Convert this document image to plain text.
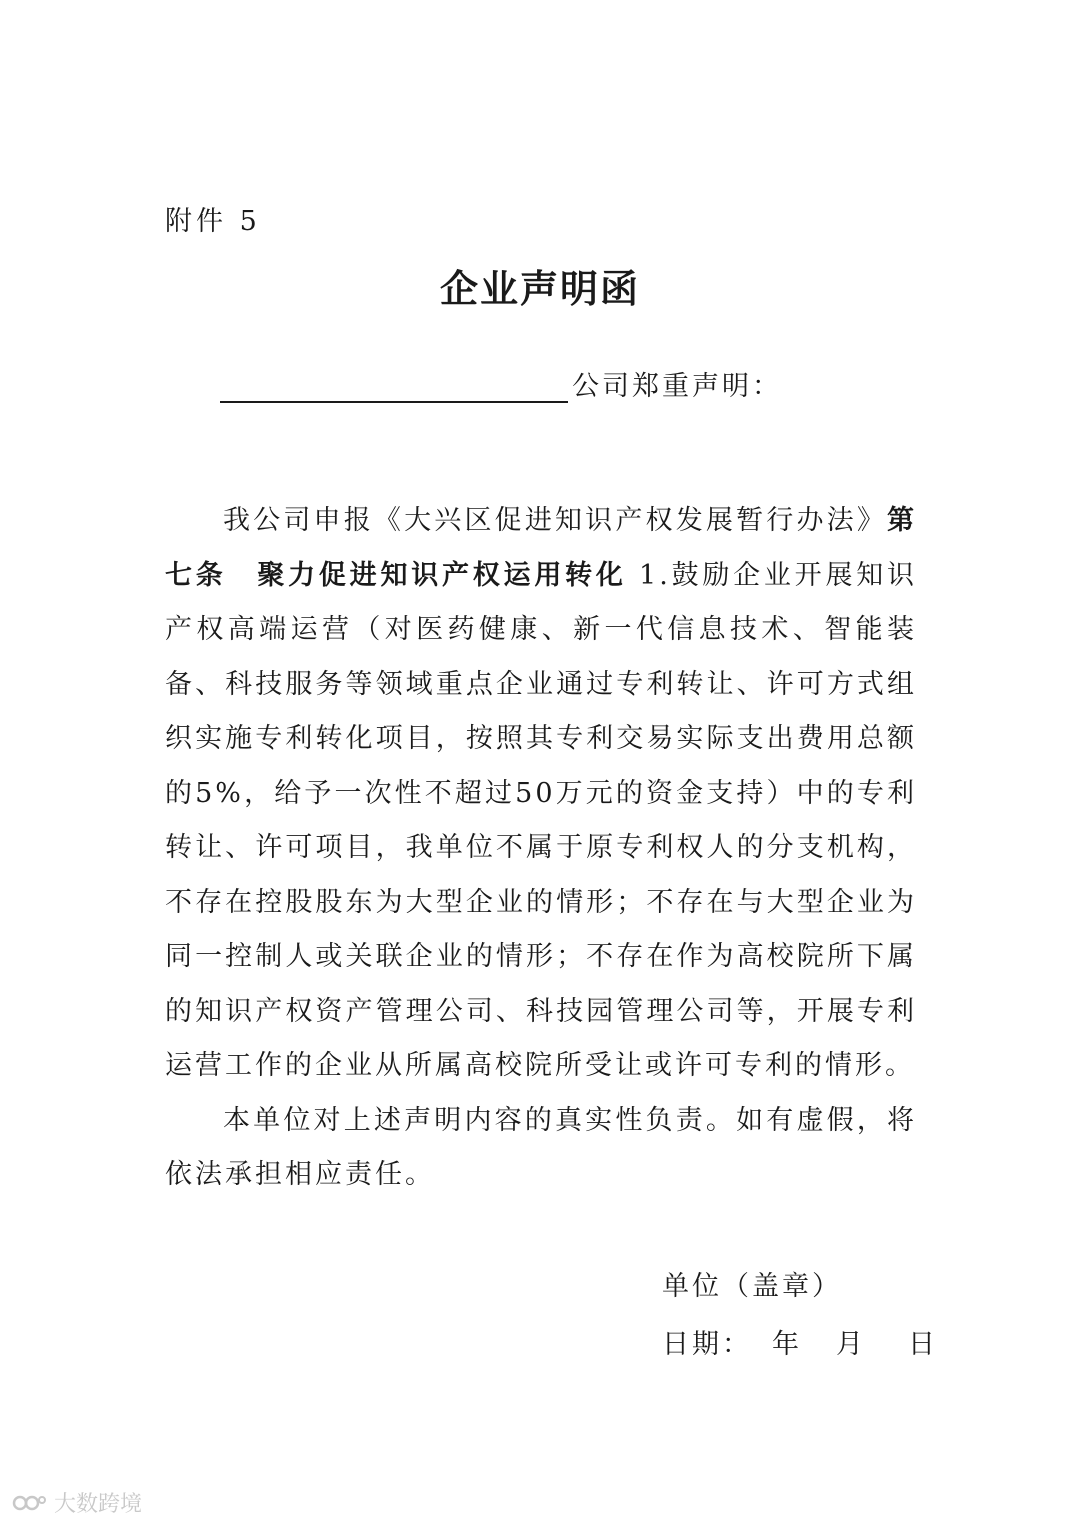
附件 5
企业声明函
公司郑重声明：

我公司申报《大兴区促进知识产权发展暂行办法》第七条　聚力促进知识产权运用转化 1.鼓励企业开展知识产权高端运营（对医药健康、新一代信息技术、智能装备、科技服务等领域重点企业通过专利转让、许可方式组织实施专利转化项目，按照其专利交易实际支出费用总额的5%，给予一次性不超过50万元的资金支持）中的专利转让、许可项目，我单位不属于原专利权人的分支机构，不存在控股股东为大型企业的情形；不存在与大型企业为同一控制人或关联企业的情形；不存在作为高校院所下属的知识产权资产管理公司、科技园管理公司等，开展专利运营工作的企业从所属高校院所受让或许可专利的情形。

本单位对上述声明内容的真实性负责。如有虚假，将依法承担相应责任。

单位（盖章）
日期： 年 月 日
大数跨境
